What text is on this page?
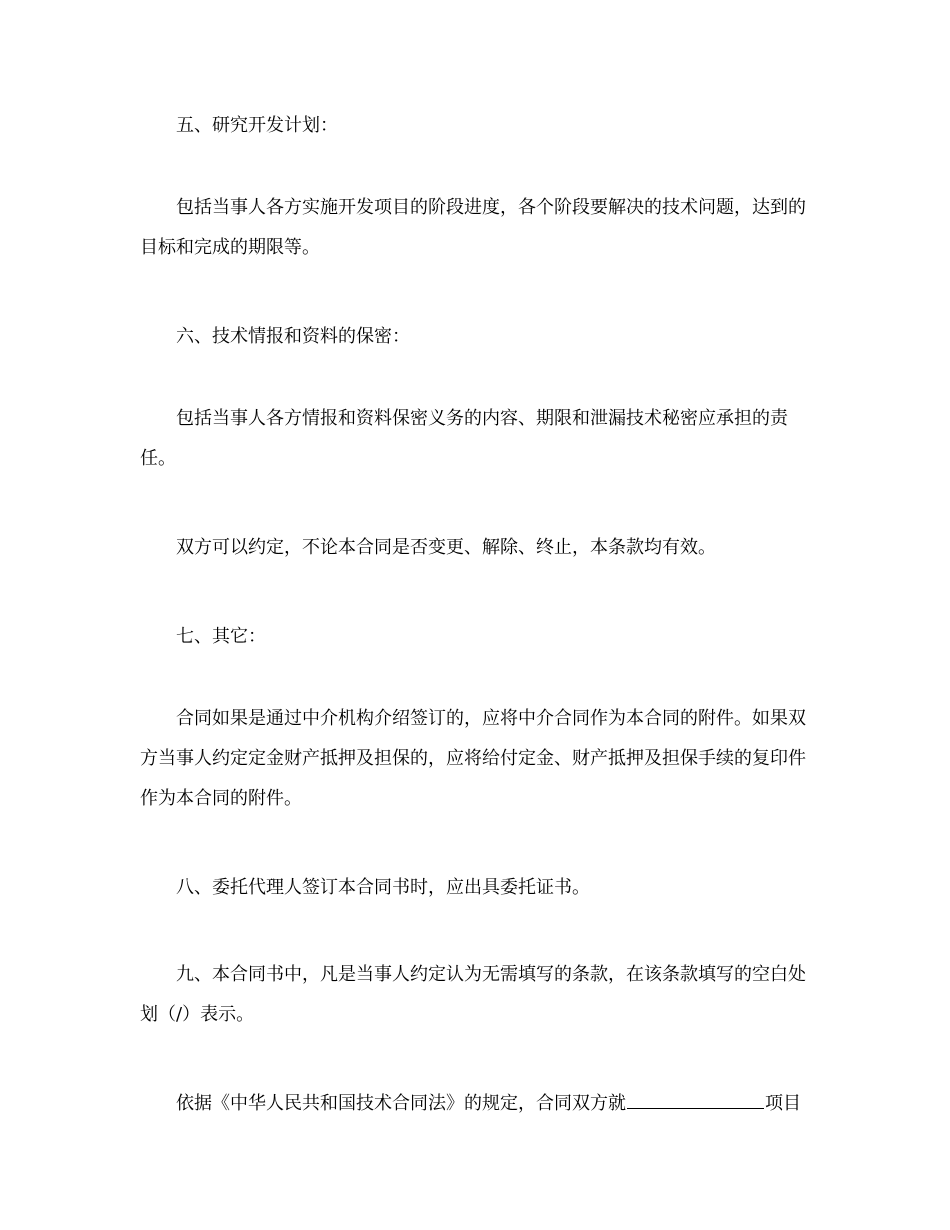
五、研究开发计划：

包括当事人各方实施开发项目的阶段进度，各个阶段要解决的技术问题，达到的目标和完成的期限等。

六、技术情报和资料的保密：

包括当事人各方情报和资料保密义务的内容、期限和泄漏技术秘密应承担的责任。

双方可以约定，不论本合同是否变更、解除、终止，本条款均有效。

七、其它：

合同如果是通过中介机构介绍签订的，应将中介合同作为本合同的附件。如果双方当事人约定定金财产抵押及担保的，应将给付定金、财产抵押及担保手续的复印件作为本合同的附件。

八、委托代理人签订本合同书时，应出具委托证书。

九、本合同书中，凡是当事人约定认为无需填写的条款，在该条款填写的空白处划（/）表示。

依据《中华人民共和国技术合同法》的规定，合同双方就	项目
